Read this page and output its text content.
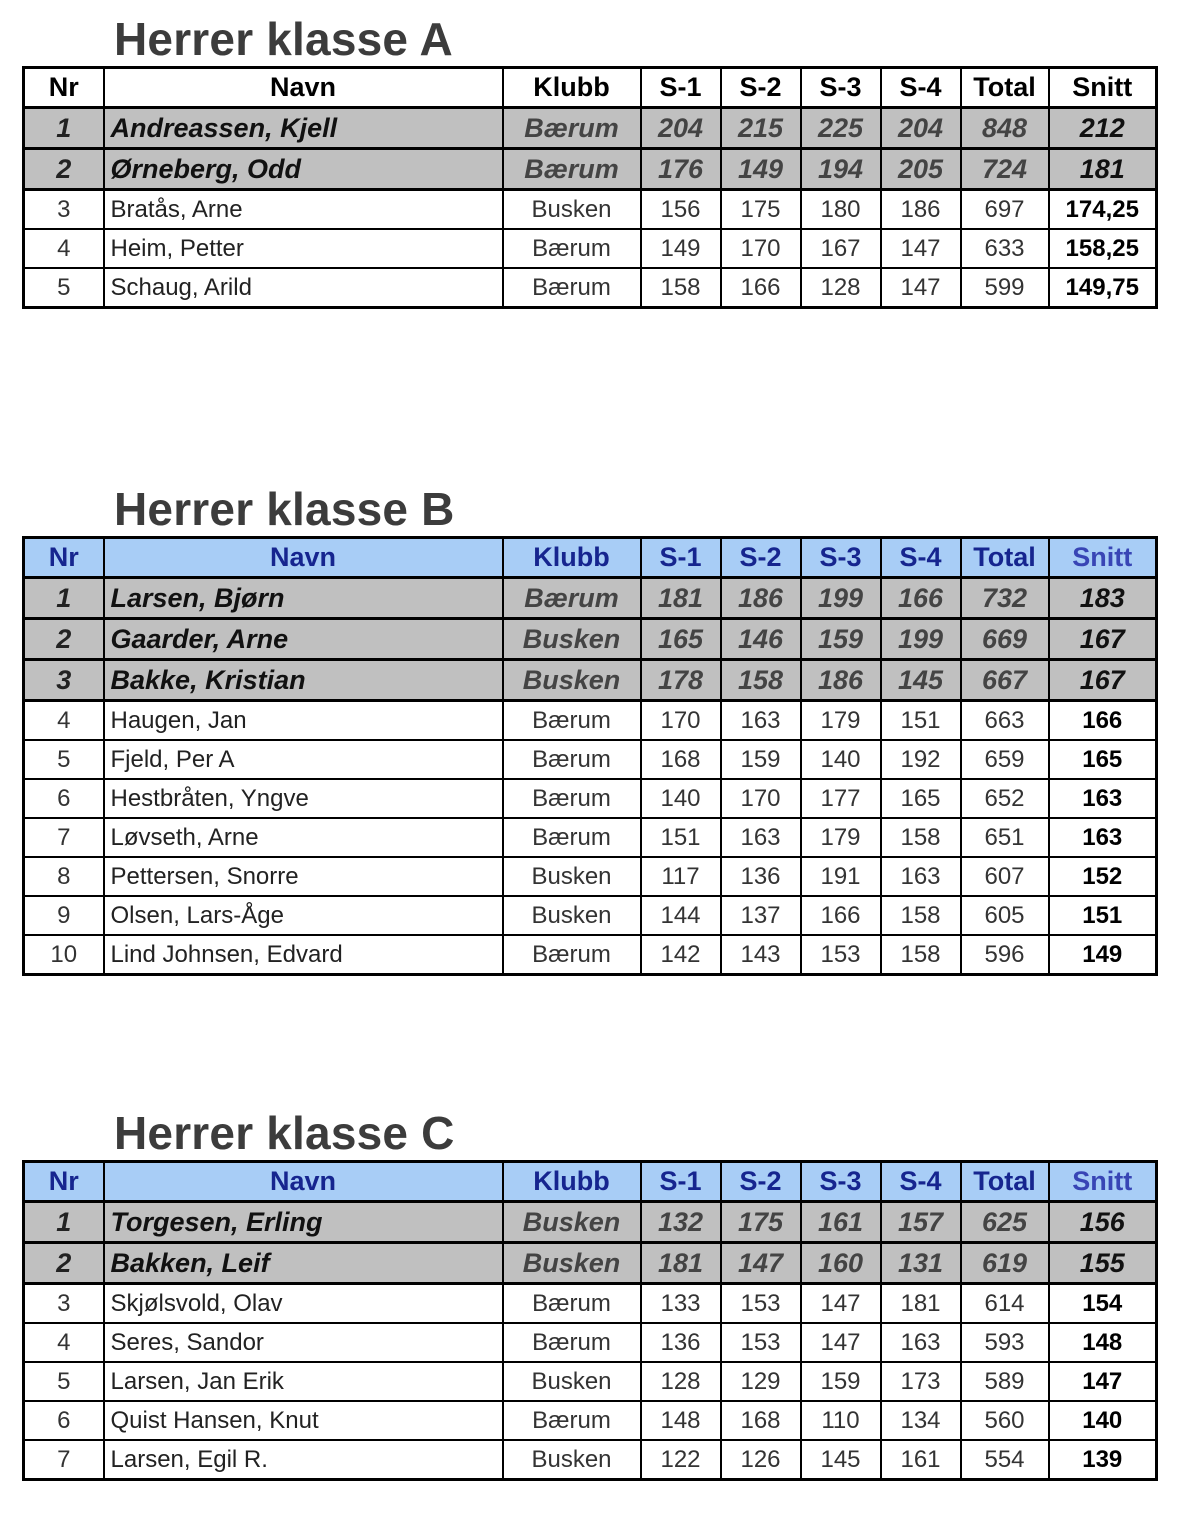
Herrer klasse A
Nr	Navn	Klubb	S-1	S-2	S-3	S-4	Total	Snitt
1	Andreassen, Kjell	Bærum	204	215	225	204	848	212
2	Ørneberg, Odd	Bærum	176	149	194	205	724	181
3	Bratås, Arne	Busken	156	175	180	186	697	174,25
4	Heim, Petter	Bærum	149	170	167	147	633	158,25
5	Schaug, Arild	Bærum	158	166	128	147	599	149,75
Herrer klasse B
Nr	Navn	Klubb	S-1	S-2	S-3	S-4	Total	Snitt
1	Larsen, Bjørn	Bærum	181	186	199	166	732	183
2	Gaarder, Arne	Busken	165	146	159	199	669	167
3	Bakke, Kristian	Busken	178	158	186	145	667	167
4	Haugen, Jan	Bærum	170	163	179	151	663	166
5	Fjeld, Per A	Bærum	168	159	140	192	659	165
6	Hestbråten, Yngve	Bærum	140	170	177	165	652	163
7	Løvseth, Arne	Bærum	151	163	179	158	651	163
8	Pettersen, Snorre	Busken	117	136	191	163	607	152
9	Olsen, Lars-Åge	Busken	144	137	166	158	605	151
10	Lind Johnsen, Edvard	Bærum	142	143	153	158	596	149
Herrer klasse C
Nr	Navn	Klubb	S-1	S-2	S-3	S-4	Total	Snitt
1	Torgesen, Erling	Busken	132	175	161	157	625	156
2	Bakken, Leif	Busken	181	147	160	131	619	155
3	Skjølsvold, Olav	Bærum	133	153	147	181	614	154
4	Seres, Sandor	Bærum	136	153	147	163	593	148
5	Larsen, Jan Erik	Busken	128	129	159	173	589	147
6	Quist Hansen, Knut	Bærum	148	168	110	134	560	140
7	Larsen, Egil R.	Busken	122	126	145	161	554	139
